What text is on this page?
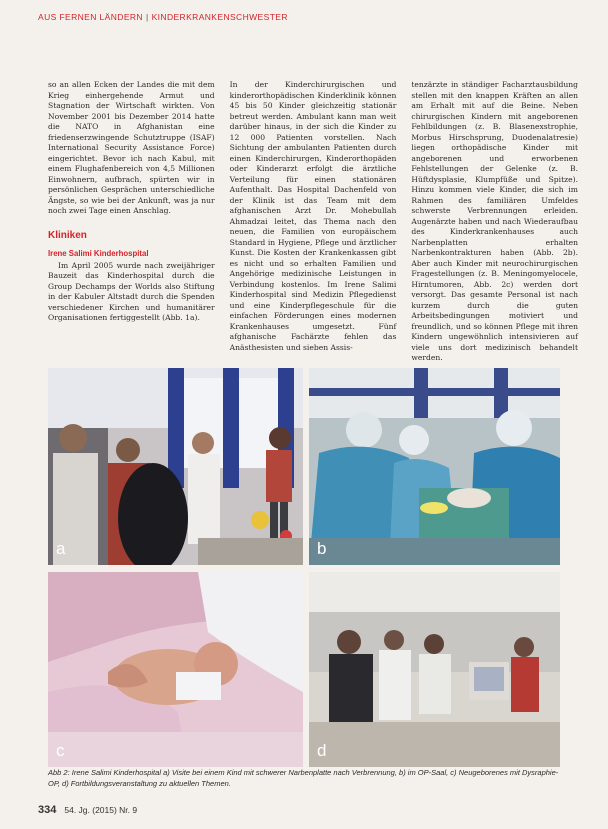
AUS FERNEN LÄNDERN | KINDERKRANKENSCHWESTER

so an allen Ecken der Landes die mit dem Krieg einhergehende Armut und Stagnation der Wirtschaft wirkten. Von November 2001 bis Dezember 2014 hatte die NATO in Afghanistan eine friedenserzwingende Schutztruppe (ISAF) International Security Assistance Force) eingerichtet. Bevor ich nach Kabul, mit einem Flughafenbereich von 4,5 Millionen Einwohnern, aufbrach, spürten wir in persönlichen Gesprächen unterschiedliche Ängste, so wie bei der Ankunft, was ja nur noch zwei Tage einen Anschlag.

Kliniken
Irene Salimi Kinderhospital

Im April 2005 wurde nach zweijähriger Bauzeit das Kinderhospital durch die Group Dechamps der Worlds also Stiftung in der Kabuler Altstadt durch die Spenden verschiedener Kirchen und humanitärer Organisationen fertiggestellt (Abb. 1a).

In der Kinderchirurgischen und kinderorthopädischen Kinderklinik können 45 bis 50 Kinder gleichzeitig stationär betreut werden. Ambulant kann man weit darüber hinaus, in der sich die Kinder zu 12 000 Patienten vorstellen. Nach Sichtung der ambulanten Patienten durch einen Kinderchirurgen, Kinderorthopäden oder Kinderarzt erfolgt die ärztliche Verteilung für einen stationären Aufenthalt. Das Hospital Dachenfeld von der Klinik ist das Team mit dem afghanischen Arzt Dr. Mohebullah Ahmadzai leitet, das Thema nach den neuen, die Familien von europäischem Standard in Hygiene, Pflege und ärztlicher Kunst. Die Kosten der Krankenkassen gibt es nicht und so erhalten Familien und Angehörige medizinische Leistungen in Verbindung kostenlos. Im Irene Salimi Kinderhospital sind Medizin Pflegedienst und eine Kinderpflegeschule für die einfachen Förderungen eines modernen Krankenhauses umgesetzt. Fünf afghanische Fachärzte fehlen das Anästhesisten und sieben Assis-

tenzärzte in ständiger Facharztausbildung stellen mit den knappen Kräften an allen am Erhalt mit auf die Beine. Neben chirurgischen Kindern mit angeborenen Fehlbildungen (z. B. Blasenexstrophie, Morbus Hirschsprung, Duodenalatresie) liegen orthopädische Kinder mit angeborenen und erworbenen Fehlstellungen der Gelenke (z. B. Hüftdysplasie, Klumpfüße und Spitze). Hinzu kommen viele Kinder, die sich im Rahmen des familiären Umfeldes schwerste Verbrennungen erleiden. Augenärzte haben und nach Wiederaufbau des Kinderkrankenhauses auch Narbenplatten erhalten Narbenkontrakturen haben (Abb. 2b). Aber auch Kinder mit neurochirurgischen Fragestellungen (z. B. Meningomyelocele, Hirntumoren, Abb. 2c) werden dort versorgt. Das gesamte Personal ist nach kurzem durch die guten Arbeitsbedingungen motiviert und freundlich, und so können Pflege mit ihren Kindern ungewöhnlich intensivieren auf viele uns dort medizinisch behandelt werden.

a	b
c	d
Abb 2: Irene Salimi Kinderhospital a) Visite bei einem Kind mit schwerer Narbenplatte nach Verbrennung, b) im OP-Saal, c) Neugeborenes mit Dysraphie-OP, d) Fortbildungsveranstaltung zu aktuellen Themen.
334 54. Jg. (2015) Nr. 9
